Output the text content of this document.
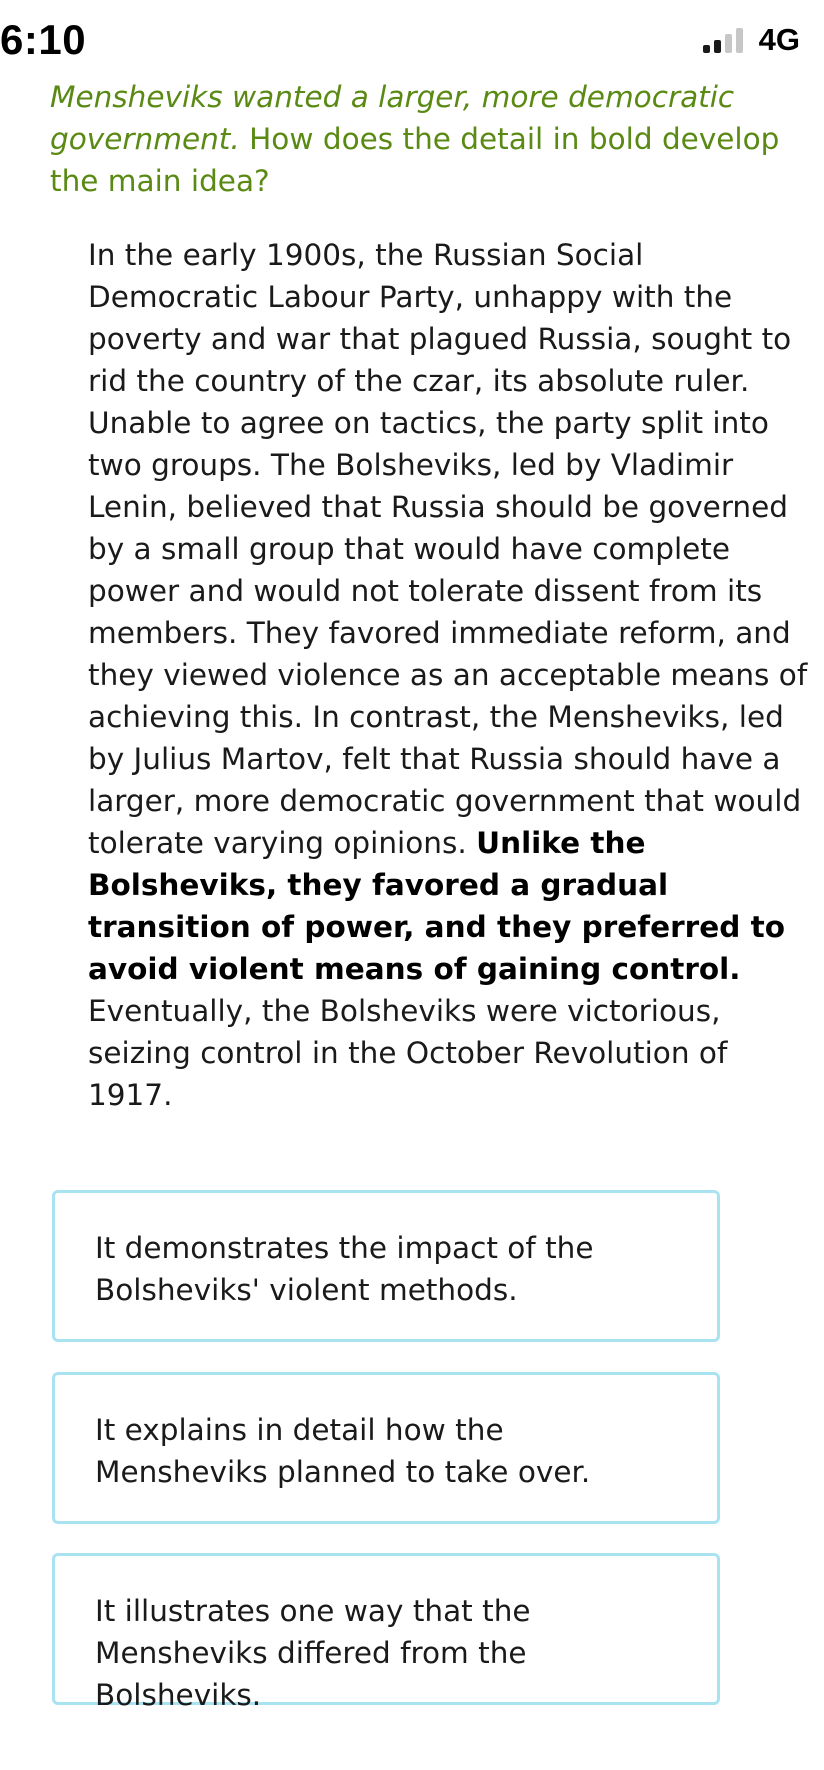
6:10	4G
Mensheviks wanted a larger, more democratic government. How does the detail in bold develop the main idea?

In the early 1900s, the Russian Social Democratic Labour Party, unhappy with the poverty and war that plagued Russia, sought to rid the country of the czar, its absolute ruler. Unable to agree on tactics, the party split into two groups. The Bolsheviks, led by Vladimir Lenin, believed that Russia should be governed by a small group that would have complete power and would not tolerate dissent from its members. They favored immediate reform, and they viewed violence as an acceptable means of achieving this. In contrast, the Mensheviks, led by Julius Martov, felt that Russia should have a larger, more democratic government that would tolerate varying opinions. Unlike the Bolsheviks, they favored a gradual transition of power, and they preferred to avoid violent means of gaining control. Eventually, the Bolsheviks were victorious, seizing control in the October Revolution of 1917.

It demonstrates the impact of the Bolsheviks' violent methods.
It explains in detail how the Mensheviks planned to take over.
It illustrates one way that the Mensheviks differed from the Bolsheviks.
